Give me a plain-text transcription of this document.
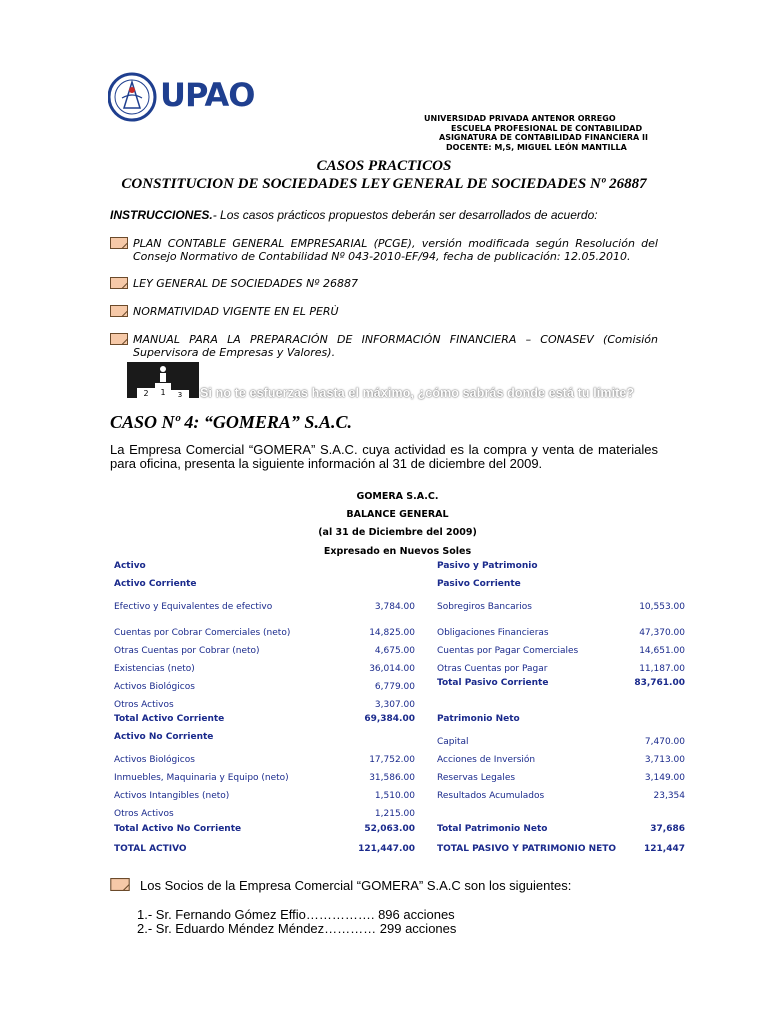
UPAO
UNIVERSIDAD PRIVADA ANTENOR ORREGO
ESCUELA PROFESIONAL DE CONTABILIDAD
ASIGNATURA DE CONTABILIDAD FINANCIERA II
DOCENTE: M,S, MIGUEL LEÓN MANTILLA
CASOS PRACTICOS
CONSTITUCION DE SOCIEDADES LEY GENERAL DE SOCIEDADES Nº 26887
INSTRUCCIONES.- Los casos prácticos propuestos deberán ser desarrollados de acuerdo:
PLAN CONTABLE GENERAL EMPRESARIAL (PCGE), versión modificada según Resolución del Consejo Normativo de Contabilidad Nº 043-2010-EF/94, fecha de publicación: 12.05.2010.
LEY GENERAL DE SOCIEDADES Nº 26887
NORMATIVIDAD VIGENTE EN EL PERÙ
MANUAL PARA LA PREPARACIÓN DE INFORMACIÓN FINANCIERA – CONASEV (Comisión Supervisora de Empresas y Valores).
1
2	3 Si no te esfuerzas hasta el máximo, ¿cómo sabrás donde está tu límite?
CASO Nº 4: “GOMERA” S.A.C.
La Empresa Comercial “GOMERA” S.A.C. cuya actividad es la compra y venta de materiales para oficina, presenta la siguiente información al 31 de diciembre del 2009.
GOMERA S.A.C.
BALANCE GENERAL
(al 31 de Diciembre del 2009)
Expresado en Nuevos Soles
Activo
Activo Corriente
Efectivo y Equivalentes de efectivo	3,784.00
Cuentas por Cobrar Comerciales (neto)	14,825.00
Otras Cuentas por Cobrar (neto)	4,675.00
Existencias (neto)	36,014.00
Activos Biológicos	6,779.00
Otros Activos	3,307.00
Total Activo Corriente	69,384.00
Activo No Corriente
Activos Biológicos	17,752.00
Inmuebles, Maquinaria y Equipo (neto)	31,586.00
Activos Intangibles (neto)	1,510.00
Otros Activos	1,215.00
Total Activo No Corriente	52,063.00
TOTAL ACTIVO	121,447.00
Pasivo y Patrimonio
Pasivo Corriente
Sobregiros Bancarios	10,553.00
Obligaciones Financieras	47,370.00
Cuentas por Pagar Comerciales	14,651.00
Otras Cuentas por Pagar	11,187.00
Total Pasivo Corriente	83,761.00
Patrimonio Neto
Capital	7,470.00
Acciones de Inversión	3,713.00
Reservas Legales	3,149.00
Resultados Acumulados	23,354
Total Patrimonio Neto	37,686
TOTAL PASIVO Y PATRIMONIO NETO	121,447
Los Socios de la Empresa Comercial “GOMERA” S.A.C son los siguientes:
1.- Sr. Fernando Gómez Effio……………. 896 acciones
2.- Sr. Eduardo Méndez Méndez………… 299 acciones
